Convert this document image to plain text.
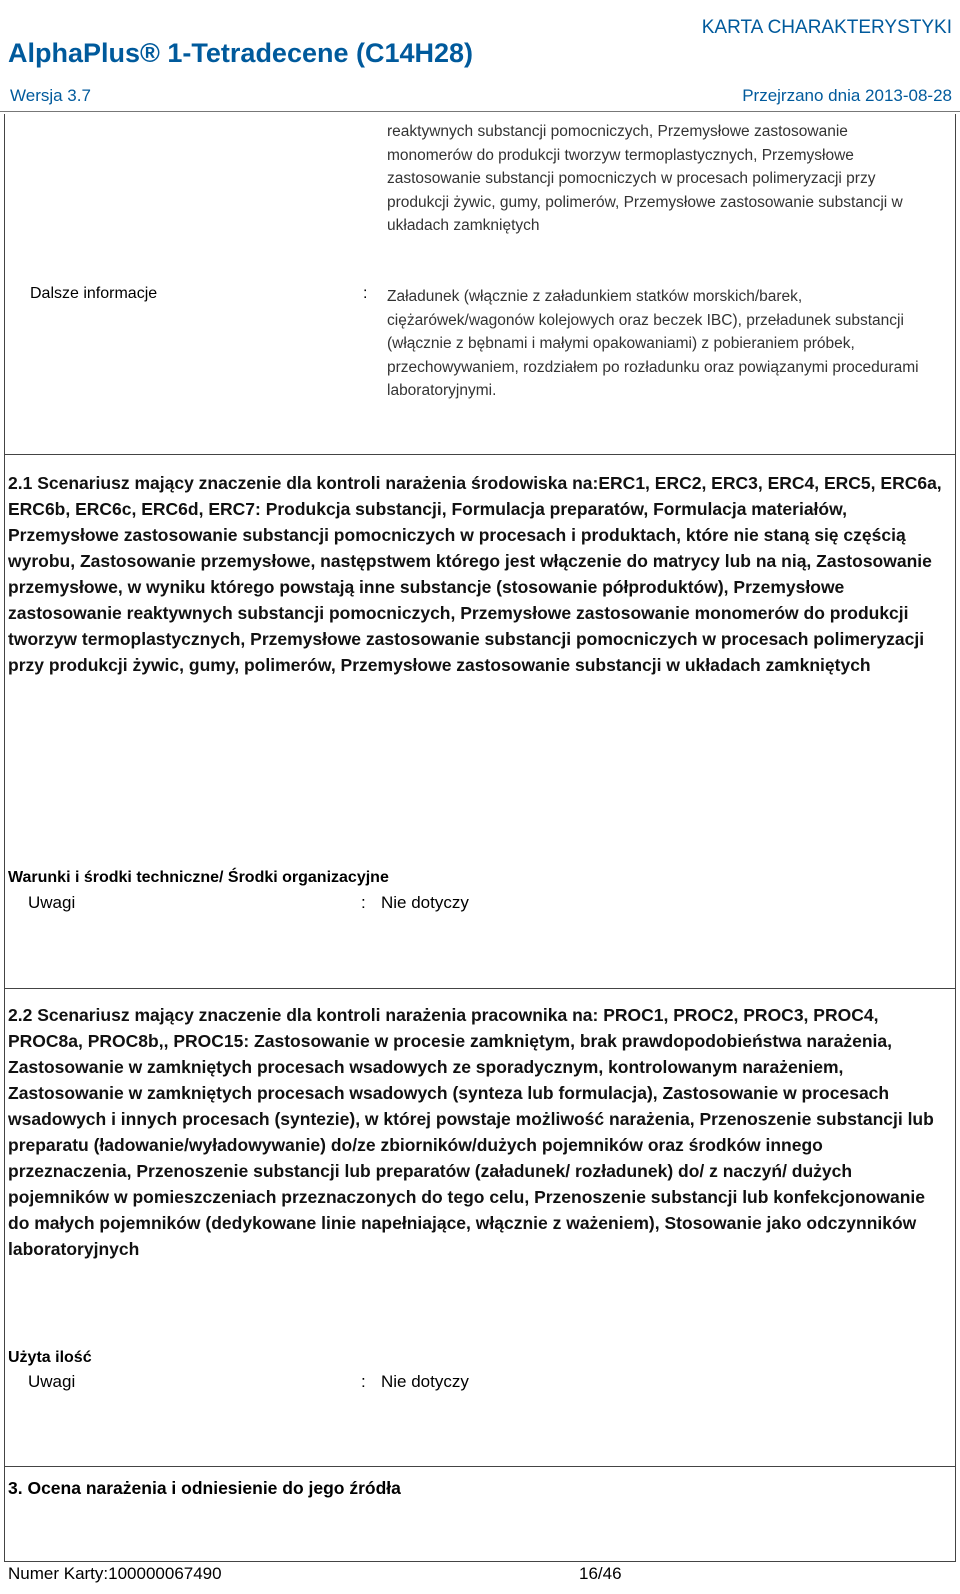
KARTA CHARAKTERYSTYKI
AlphaPlus® 1-Tetradecene (C14H28)
Wersja 3.7	Przejrzano dnia 2013-08-28
reaktywnych substancji pomocniczych, Przemysłowe zastosowanie monomerów do produkcji tworzyw termoplastycznych, Przemysłowe zastosowanie substancji pomocniczych w procesach polimeryzacji przy produkcji żywic, gumy, polimerów, Przemysłowe zastosowanie substancji w układach zamkniętych
Dalsze informacje	: Załadunek (włącznie z załadunkiem statków morskich/barek, ciężarówek/wagonów kolejowych oraz beczek IBC), przeładunek substancji (włącznie z bębnami i małymi opakowaniami) z pobieraniem próbek, przechowywaniem, rozdziałem po rozładunku oraz powiązanymi procedurami laboratoryjnymi.
2.1 Scenariusz mający znaczenie dla kontroli narażenia środowiska na:ERC1, ERC2, ERC3, ERC4, ERC5, ERC6a, ERC6b, ERC6c, ERC6d, ERC7: Produkcja substancji, Formulacja preparatów, Formulacja materiałów, Przemysłowe zastosowanie substancji pomocniczych w procesach i produktach, które nie staną się częścią wyrobu, Zastosowanie przemysłowe, następstwem którego jest włączenie do matrycy lub na nią, Zastosowanie przemysłowe, w wyniku którego powstają inne substancje (stosowanie półproduktów), Przemysłowe zastosowanie reaktywnych substancji pomocniczych, Przemysłowe zastosowanie monomerów do produkcji tworzyw termoplastycznych, Przemysłowe zastosowanie substancji pomocniczych w procesach polimeryzacji przy produkcji żywic, gumy, polimerów, Przemysłowe zastosowanie substancji w układach zamkniętych
Warunki i środki techniczne/ Środki organizacyjne
Uwagi	: Nie dotyczy
2.2 Scenariusz mający znaczenie dla kontroli narażenia pracownika na: PROC1, PROC2, PROC3, PROC4, PROC8a, PROC8b,, PROC15: Zastosowanie w procesie zamkniętym, brak prawdopodobieństwa narażenia, Zastosowanie w zamkniętych procesach wsadowych ze sporadycznym, kontrolowanym narażeniem, Zastosowanie w zamkniętych procesach wsadowych (synteza lub formulacja), Zastosowanie w procesach wsadowych i innych procesach (syntezie), w której powstaje możliwość narażenia, Przenoszenie substancji lub preparatu (ładowanie/wyładowywanie) do/ze zbiorników/dużych pojemników oraz środków innego przeznaczenia, Przenoszenie substancji lub preparatów (załadunek/ rozładunek) do/ z naczyń/ dużych pojemników w pomieszczeniach przeznaczonych do tego celu, Przenoszenie substancji lub konfekcjonowanie do małych pojemników (dedykowane linie napełniające, włącznie z ważeniem), Stosowanie jako odczynników laboratoryjnych
Użyta ilość
Uwagi	: Nie dotyczy
3. Ocena narażenia i odniesienie do jego źródła
Numer Karty:100000067490	16/46
